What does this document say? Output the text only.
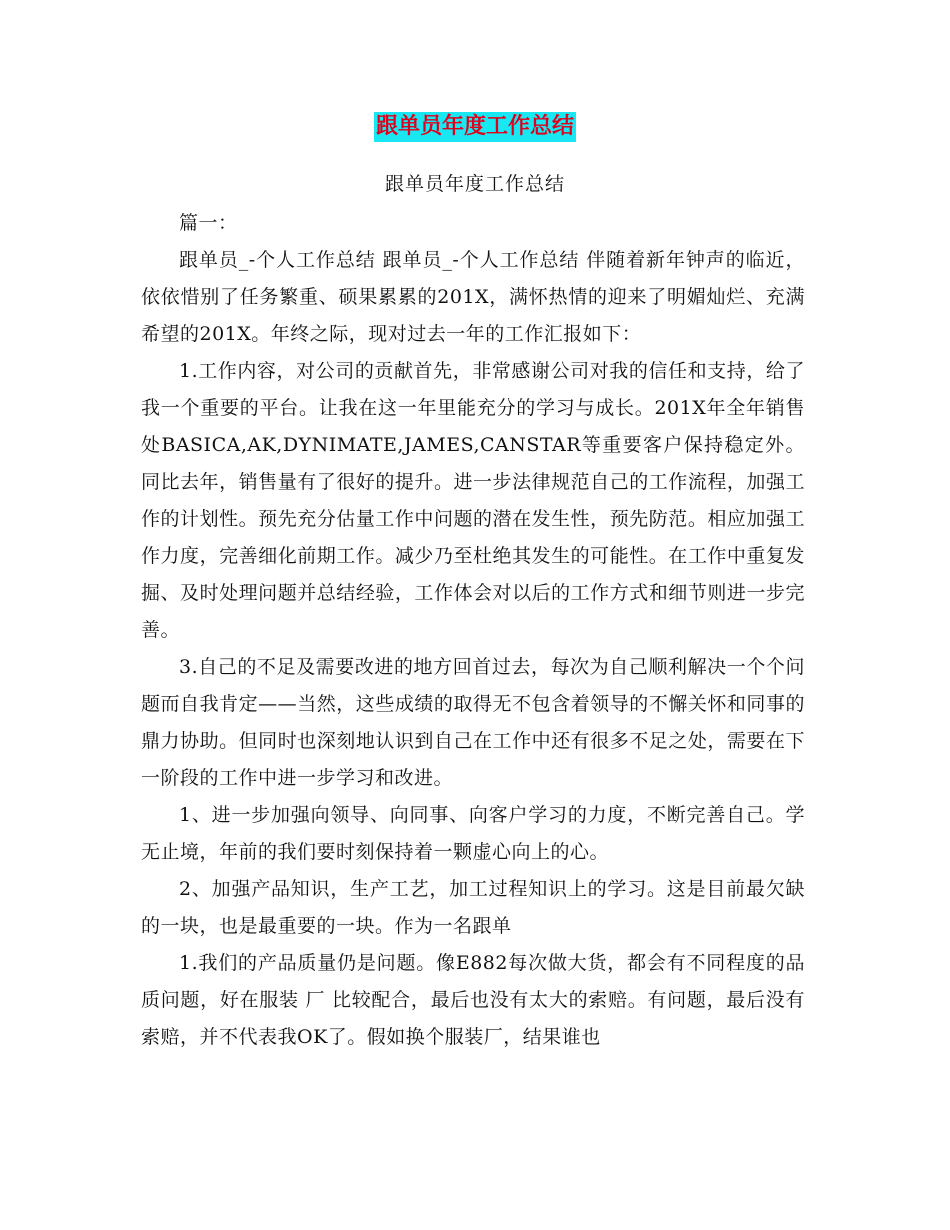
跟单员年度工作总结
跟单员年度工作总结

篇一：

跟单员_-个人工作总结 跟单员_-个人工作总结 伴随着新年钟声的临近，依依惜别了任务繁重、硕果累累的201X，满怀热情的迎来了明媚灿烂、充满希望的201X。年终之际，现对过去一年的工作汇报如下：

1.工作内容，对公司的贡献首先，非常感谢公司对我的信任和支持，给了我一个重要的平台。让我在这一年里能充分的学习与成长。201X年全年销售处BASICA,AK,DYNIMATE,JAMES,CANSTAR等重要客户保持稳定外。同比去年，销售量有了很好的提升。进一步法律规范自己的工作流程，加强工作的计划性。预先充分估量工作中问题的潜在发生性，预先防范。相应加强工作力度，完善细化前期工作。减少乃至杜绝其发生的可能性。在工作中重复发掘、及时处理问题并总结经验，工作体会对以后的工作方式和细节则进一步完善。

3.自己的不足及需要改进的地方回首过去，每次为自己顺利解决一个个问题而自我肯定——当然，这些成绩的取得无不包含着领导的不懈关怀和同事的鼎力协助。但同时也深刻地认识到自己在工作中还有很多不足之处，需要在下一阶段的工作中进一步学习和改进。

1、进一步加强向领导、向同事、向客户学习的力度，不断完善自己。学无止境，年前的我们要时刻保持着一颗虚心向上的心。

2、加强产品知识，生产工艺，加工过程知识上的学习。这是目前最欠缺的一块，也是最重要的一块。作为一名跟单

1.我们的产品质量仍是问题。像E882每次做大货，都会有不同程度的品质问题，好在服装 厂 比较配合，最后也没有太大的索赔。有问题，最后没有索赔，并不代表我OK了。假如换个服装厂，结果谁也
